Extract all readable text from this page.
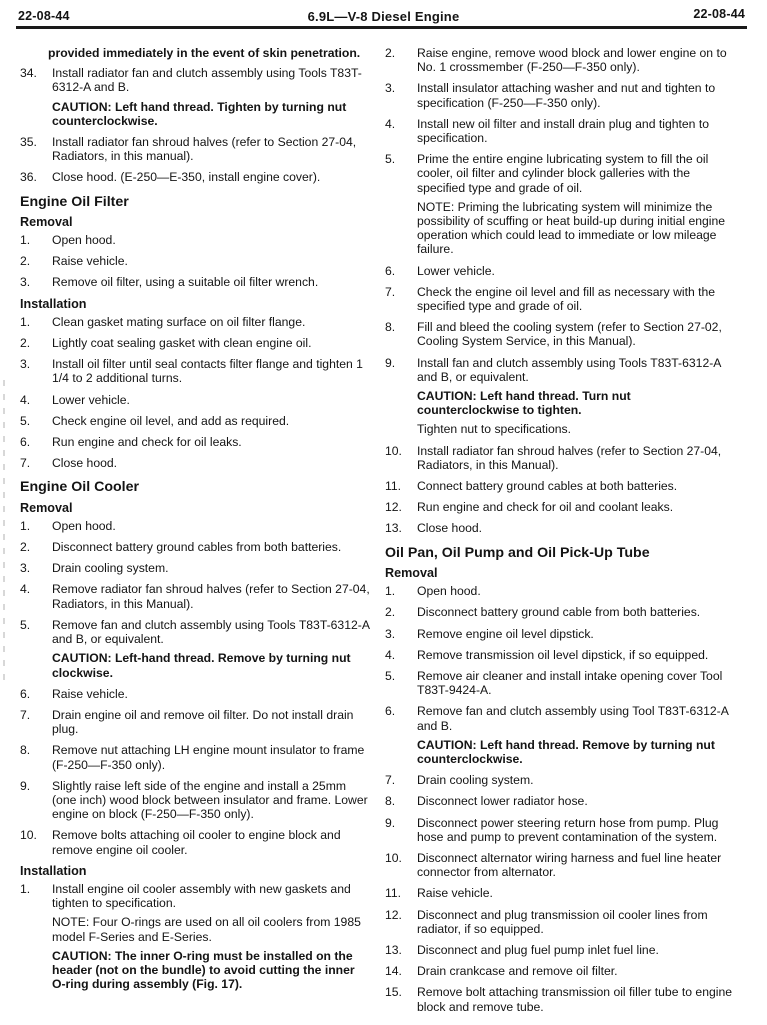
22-08-44	6.9L—V-8 Diesel Engine	22-08-44
provided immediately in the event of skin penetration.
34.	Install radiator fan and clutch assembly using Tools T83T-6312-A and B.
CAUTION: Left hand thread. Tighten by turning nut counterclockwise.
35.	Install radiator fan shroud halves (refer to Section 27-04, Radiators, in this manual).
36.	Close hood. (E-250—E-350, install engine cover).
Engine Oil Filter
Removal
1.	Open hood.
2.	Raise vehicle.
3.	Remove oil filter, using a suitable oil filter wrench.
Installation
1.	Clean gasket mating surface on oil filter flange.
2.	Lightly coat sealing gasket with clean engine oil.
3.	Install oil filter until seal contacts filter flange and tighten 1 1/4 to 2 additional turns.
4.	Lower vehicle.
5.	Check engine oil level, and add as required.
6.	Run engine and check for oil leaks.
7.	Close hood.
Engine Oil Cooler
Removal
1.	Open hood.
2.	Disconnect battery ground cables from both batteries.
3.	Drain cooling system.
4.	Remove radiator fan shroud halves (refer to Section 27-04, Radiators, in this Manual).
5.	Remove fan and clutch assembly using Tools T83T-6312-A and B, or equivalent.
CAUTION: Left-hand thread. Remove by turning nut clockwise.
6.	Raise vehicle.
7.	Drain engine oil and remove oil filter. Do not install drain plug.
8.	Remove nut attaching LH engine mount insulator to frame (F-250—F-350 only).
9.	Slightly raise left side of the engine and install a 25mm (one inch) wood block between insulator and frame. Lower engine on block (F-250—F-350 only).
10.	Remove bolts attaching oil cooler to engine block and remove engine oil cooler.
Installation
1.	Install engine oil cooler assembly with new gaskets and tighten to specification.
NOTE: Four O-rings are used on all oil coolers from 1985 model F-Series and E-Series.
CAUTION: The inner O-ring must be installed on the header (not on the bundle) to avoid cutting the inner O-ring during assembly (Fig. 17).
2.	Raise engine, remove wood block and lower engine on to No. 1 crossmember (F-250—F-350 only).
3.	Install insulator attaching washer and nut and tighten to specification (F-250—F-350 only).
4.	Install new oil filter and install drain plug and tighten to specification.
5.	Prime the entire engine lubricating system to fill the oil cooler, oil filter and cylinder block galleries with the specified type and grade of oil.
NOTE: Priming the lubricating system will minimize the possibility of scuffing or heat build-up during initial engine operation which could lead to immediate or low mileage failure.
6.	Lower vehicle.
7.	Check the engine oil level and fill as necessary with the specified type and grade of oil.
8.	Fill and bleed the cooling system (refer to Section 27-02, Cooling System Service, in this Manual).
9.	Install fan and clutch assembly using Tools T83T-6312-A and B, or equivalent.
CAUTION: Left hand thread. Turn nut counterclockwise to tighten.
Tighten nut to specifications.
10.	Install radiator fan shroud halves (refer to Section 27-04, Radiators, in this Manual).
11.	Connect battery ground cables at both batteries.
12.	Run engine and check for oil and coolant leaks.
13.	Close hood.
Oil Pan, Oil Pump and Oil Pick-Up Tube
Removal
1.	Open hood.
2.	Disconnect battery ground cable from both batteries.
3.	Remove engine oil level dipstick.
4.	Remove transmission oil level dipstick, if so equipped.
5.	Remove air cleaner and install intake opening cover Tool T83T-9424-A.
6.	Remove fan and clutch assembly using Tool T83T-6312-A and B.
CAUTION: Left hand thread. Remove by turning nut counterclockwise.
7.	Drain cooling system.
8.	Disconnect lower radiator hose.
9.	Disconnect power steering return hose from pump. Plug hose and pump to prevent contamination of the system.
10.	Disconnect alternator wiring harness and fuel line heater connector from alternator.
11.	Raise vehicle.
12.	Disconnect and plug transmission oil cooler lines from radiator, if so equipped.
13.	Disconnect and plug fuel pump inlet fuel line.
14.	Drain crankcase and remove oil filter.
15.	Remove bolt attaching transmission oil filler tube to engine block and remove tube.
